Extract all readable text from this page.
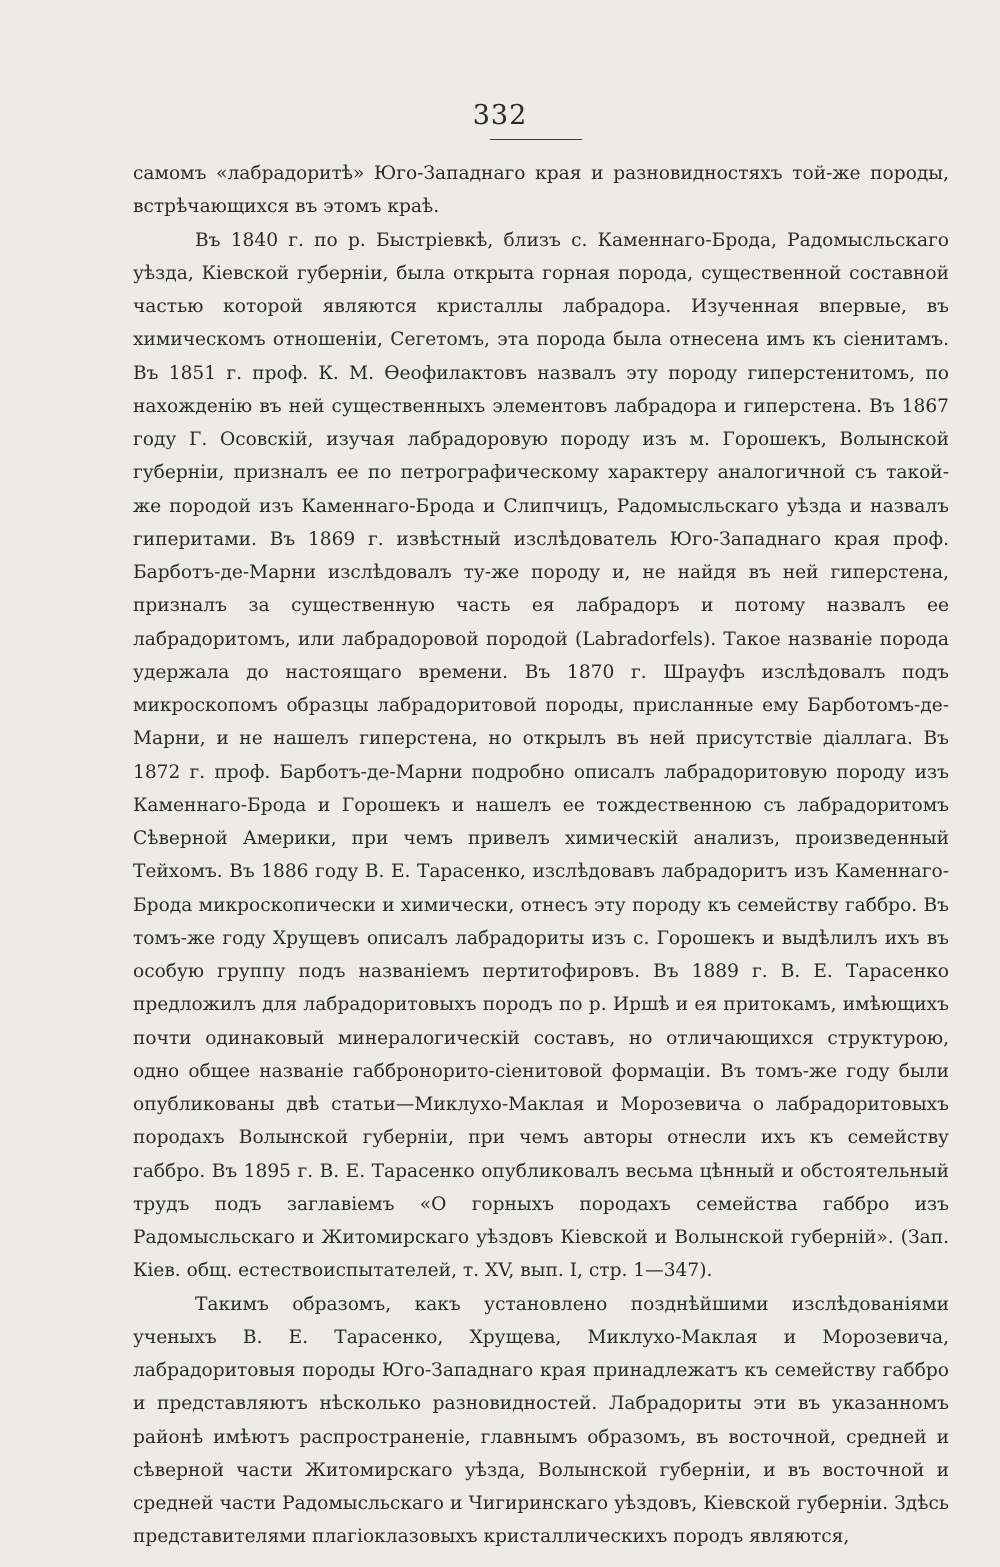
332

самомъ «лабрадоритѣ» Юго-Западнаго края и разновидностяхъ той-же породы, встрѣчающихся въ этомъ краѣ.

Въ 1840 г. по р. Быстріевкѣ, близъ с. Каменнаго-Брода, Радомысльскаго уѣзда, Кіевской губерніи, была открыта горная порода, существенной составной частью которой являются кристаллы лабрадора. Изученная впервые, въ химическомъ отношеніи, Сегетомъ, эта порода была отнесена имъ къ сіенитамъ. Въ 1851 г. проф. К. М. Ѳеофилактовъ назвалъ эту породу гиперстенитомъ, по нахожденію въ ней существенныхъ элементовъ лабрадора и гиперстена. Въ 1867 году Г. Осовскій, изучая лабрадоровую породу изъ м. Горошекъ, Волынской губерніи, призналъ ее по петрографическому характеру аналогичной съ такой-же породой изъ Каменнаго-Брода и Слипчицъ, Радомысльскаго уѣзда и назвалъ гиперитами. Въ 1869 г. извѣстный изслѣдователь Юго-Западнаго края проф. Барботъ-де-Марни изслѣдовалъ ту-же породу и, не найдя въ ней гиперстена, призналъ за существенную часть ея лабрадоръ и потому назвалъ ее лабрадоритомъ, или лабрадоровой породой (Labradorfels). Такое названіе порода удержала до настоящаго времени. Въ 1870 г. Шрауфъ изслѣдовалъ подъ микроскопомъ образцы лабрадоритовой породы, присланные ему Барботомъ-де-Марни, и не нашелъ гиперстена, но открылъ въ ней присутствіе діаллага. Въ 1872 г. проф. Барботъ-де-Марни подробно описалъ лабрадоритовую породу изъ Каменнаго-Брода и Горошекъ и нашелъ ее тождественною съ лабрадоритомъ Сѣверной Америки, при чемъ привелъ химическій анализъ, произведенный Тейхомъ. Въ 1886 году В. Е. Тарасенко, изслѣдовавъ лабрадоритъ изъ Каменнаго-Брода микроскопически и химически, отнесъ эту породу къ семейству габбро. Въ томъ-же году Хрущевъ описалъ лабрадориты изъ с. Горошекъ и выдѣлилъ ихъ въ особую группу подъ названіемъ пертитофировъ. Въ 1889 г. В. Е. Тарасенко предложилъ для лабрадоритовыхъ породъ по р. Иршѣ и ея притокамъ, имѣющихъ почти одинаковый минералогическій составъ, но отличающихся структурою, одно общее названіе габбронорито-сіенитовой формаціи. Въ томъ-же году были опубликованы двѣ статьи—Миклухо-Маклая и Морозевича о лабрадоритовыхъ породахъ Волынской губерніи, при чемъ авторы отнесли ихъ къ семейству габбро. Въ 1895 г. В. Е. Тарасенко опубликовалъ весьма цѣнный и обстоятельный трудъ подъ заглавіемъ «О горныхъ породахъ семейства габбро изъ Радомысльскаго и Житомирскаго уѣздовъ Кіевской и Волынской губерній». (Зап. Кіев. общ. естествоиспытателей, т. XV, вып. I, стр. 1—347).

Такимъ образомъ, какъ установлено позднѣйшими изслѣдованіями ученыхъ В. Е. Тарасенко, Хрущева, Миклухо-Маклая и Морозевича, лабрадоритовыя породы Юго-Западнаго края принадлежатъ къ семейству габбро и представляютъ нѣсколько разновидностей. Лабрадориты эти въ указанномъ районѣ имѣютъ распространеніе, главнымъ образомъ, въ восточной, средней и сѣверной части Житомирскаго уѣзда, Волынской губерніи, и въ восточной и средней части Радомысльскаго и Чигиринскаго уѣздовъ, Кіевской губерніи. Здѣсь представителями плагіоклазовыхъ кристаллическихъ породъ являются,
